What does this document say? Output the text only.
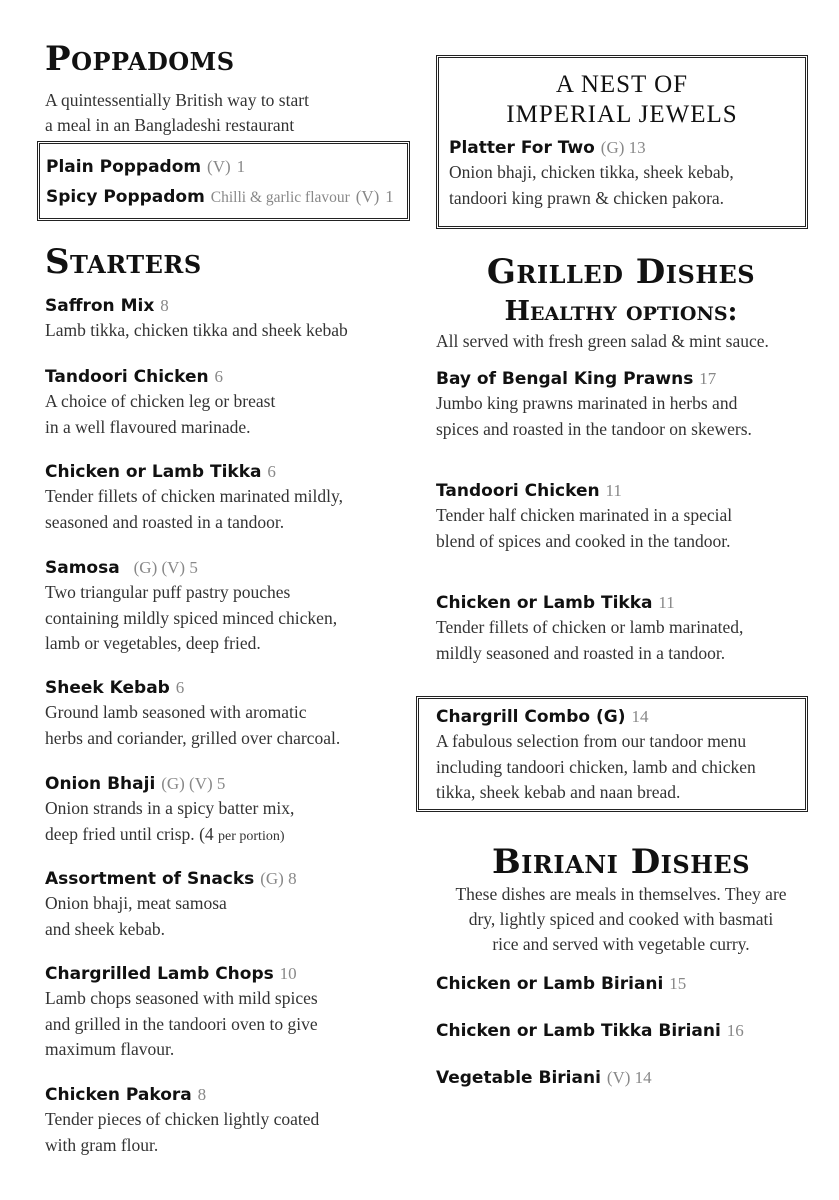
Poppadoms
A quintessentially British way to start
a meal in an Bangladeshi restaurant
Plain Poppadom (V) 1
Spicy Poppadom Chilli & garlic flavour (V) 1
Starters
Saffron Mix 8
Lamb tikka, chicken tikka and sheek kebab
Tandoori Chicken 6
A choice of chicken leg or breast
in a well flavoured marinade.
Chicken or Lamb Tikka 6
Tender fillets of chicken marinated mildly,
seasoned and roasted in a tandoor.
Samosa (G) (V) 5
Two triangular puff pastry pouches
containing mildly spiced minced chicken,
lamb or vegetables, deep fried.
Sheek Kebab 6
Ground lamb seasoned with aromatic
herbs and coriander, grilled over charcoal.
Onion Bhaji (G) (V) 5
Onion strands in a spicy batter mix,
deep fried until crisp. (4 per portion)
Assortment of Snacks (G) 8
Onion bhaji, meat samosa
and sheek kebab.
Chargrilled Lamb Chops 10
Lamb chops seasoned with mild spices
and grilled in the tandoori oven to give
maximum flavour.
Chicken Pakora 8
Tender pieces of chicken lightly coated
with gram flour.
A NEST OF
IMPERIAL JEWELS
Platter For Two (G) 13
Onion bhaji, chicken tikka, sheek kebab,
tandoori king prawn & chicken pakora.
Grilled Dishes
Healthy options:
All served with fresh green salad & mint sauce.
Bay of Bengal King Prawns 17
Jumbo king prawns marinated in herbs and
spices and roasted in the tandoor on skewers.
Tandoori Chicken 11
Tender half chicken marinated in a special
blend of spices and cooked in the tandoor.
Chicken or Lamb Tikka 11
Tender fillets of chicken or lamb marinated,
mildly seasoned and roasted in a tandoor.
Chargrill Combo (G) 14
A fabulous selection from our tandoor menu
including tandoori chicken, lamb and chicken
tikka, sheek kebab and naan bread.
Biriani Dishes
These dishes are meals in themselves. They are
dry, lightly spiced and cooked with basmati
rice and served with vegetable curry.
Chicken or Lamb Biriani 15
Chicken or Lamb Tikka Biriani 16
Vegetable Biriani (V) 14
